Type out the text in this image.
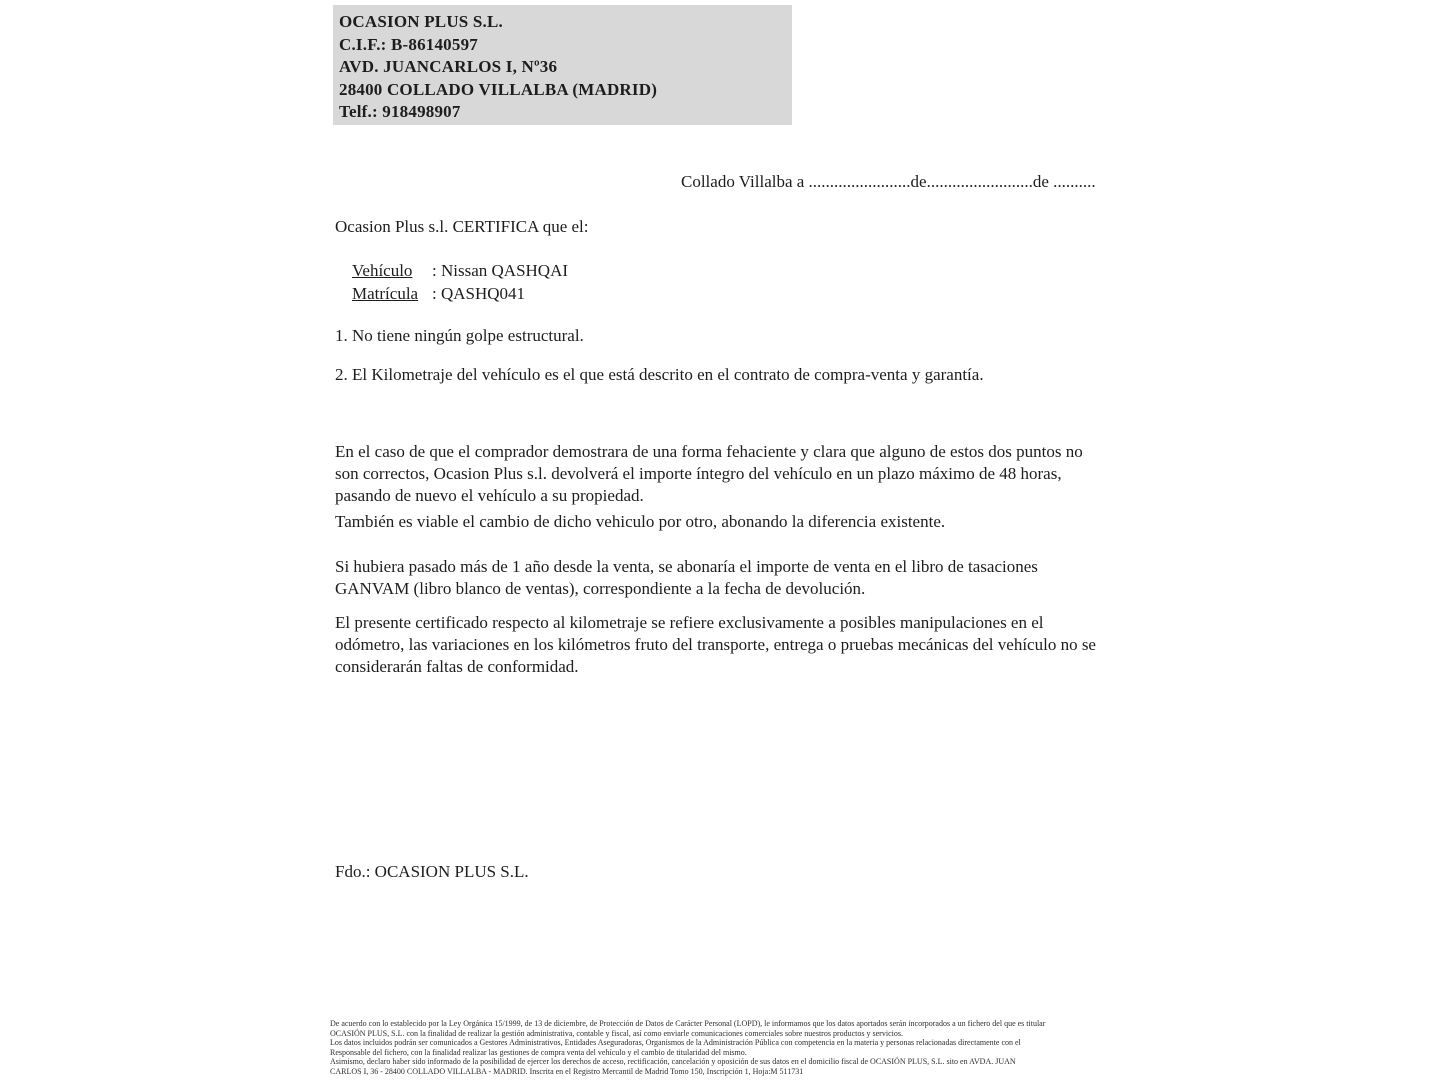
OCASION PLUS S.L.
C.I.F.: B-86140597
AVD. JUANCARLOS I, Nº36
28400 COLLADO VILLALBA (MADRID)
Telf.: 918498907
Collado Villalba a ........................de.........................de ..........
Ocasion Plus s.l. CERTIFICA que el:

Vehículo : Nissan QASHQAI

Matrícula : QASHQ041

1. No tiene ningún golpe estructural.
2. El Kilometraje del vehículo es el que está descrito en el contrato de compra-venta y garantía.
En el caso de que el comprador demostrara de una forma fehaciente y clara que alguno de estos dos puntos no son correctos, Ocasion Plus s.l. devolverá el importe íntegro del vehículo en un plazo máximo de 48 horas, pasando de nuevo el vehículo a su propiedad.
También es viable el cambio de dicho vehiculo por otro, abonando la diferencia existente.
Si hubiera pasado más de 1 año desde la venta, se abonaría el importe de venta en el libro de tasaciones GANVAM (libro blanco de ventas), correspondiente a la fecha de devolución.
El presente certificado respecto al kilometraje se refiere exclusivamente a posibles manipulaciones en el odómetro, las variaciones en los kilómetros fruto del transporte, entrega o pruebas mecánicas del vehículo no se considerarán faltas de conformidad.
Fdo.: OCASION PLUS S.L.
De acuerdo con lo establecido por la Ley Orgánica 15/1999, de 13 de diciembre, de Protección de Datos de Carácter Personal (LOPD), le informamos que los datos aportados serán incorporados a un fichero del que es titular
OCASIÓN PLUS, S.L. con la finalidad de realizar la gestión administrativa, contable y fiscal, así como enviarle comunicaciones comerciales sobre nuestros productos y servicios.
Los datos incluidos podrán ser comunicados a Gestores Administrativos, Entidades Aseguradoras, Organismos de la Administración Pública con competencia en la materia y personas relacionadas directamente con el
Responsable del fichero, con la finalidad realizar las gestiones de compra venta del vehículo y el cambio de titularidad del mismo.
Asimismo, declaro haber sido informado de la posibilidad de ejercer los derechos de acceso, rectificación, cancelación y oposición de sus datos en el domicilio fiscal de OCASIÓN PLUS, S.L. sito en AVDA. JUAN
CARLOS I, 36 - 28400 COLLADO VILLALBA - MADRID. Inscrita en el Registro Mercantil de Madrid Tomo 150, Inscripción 1, Hoja:M 511731
